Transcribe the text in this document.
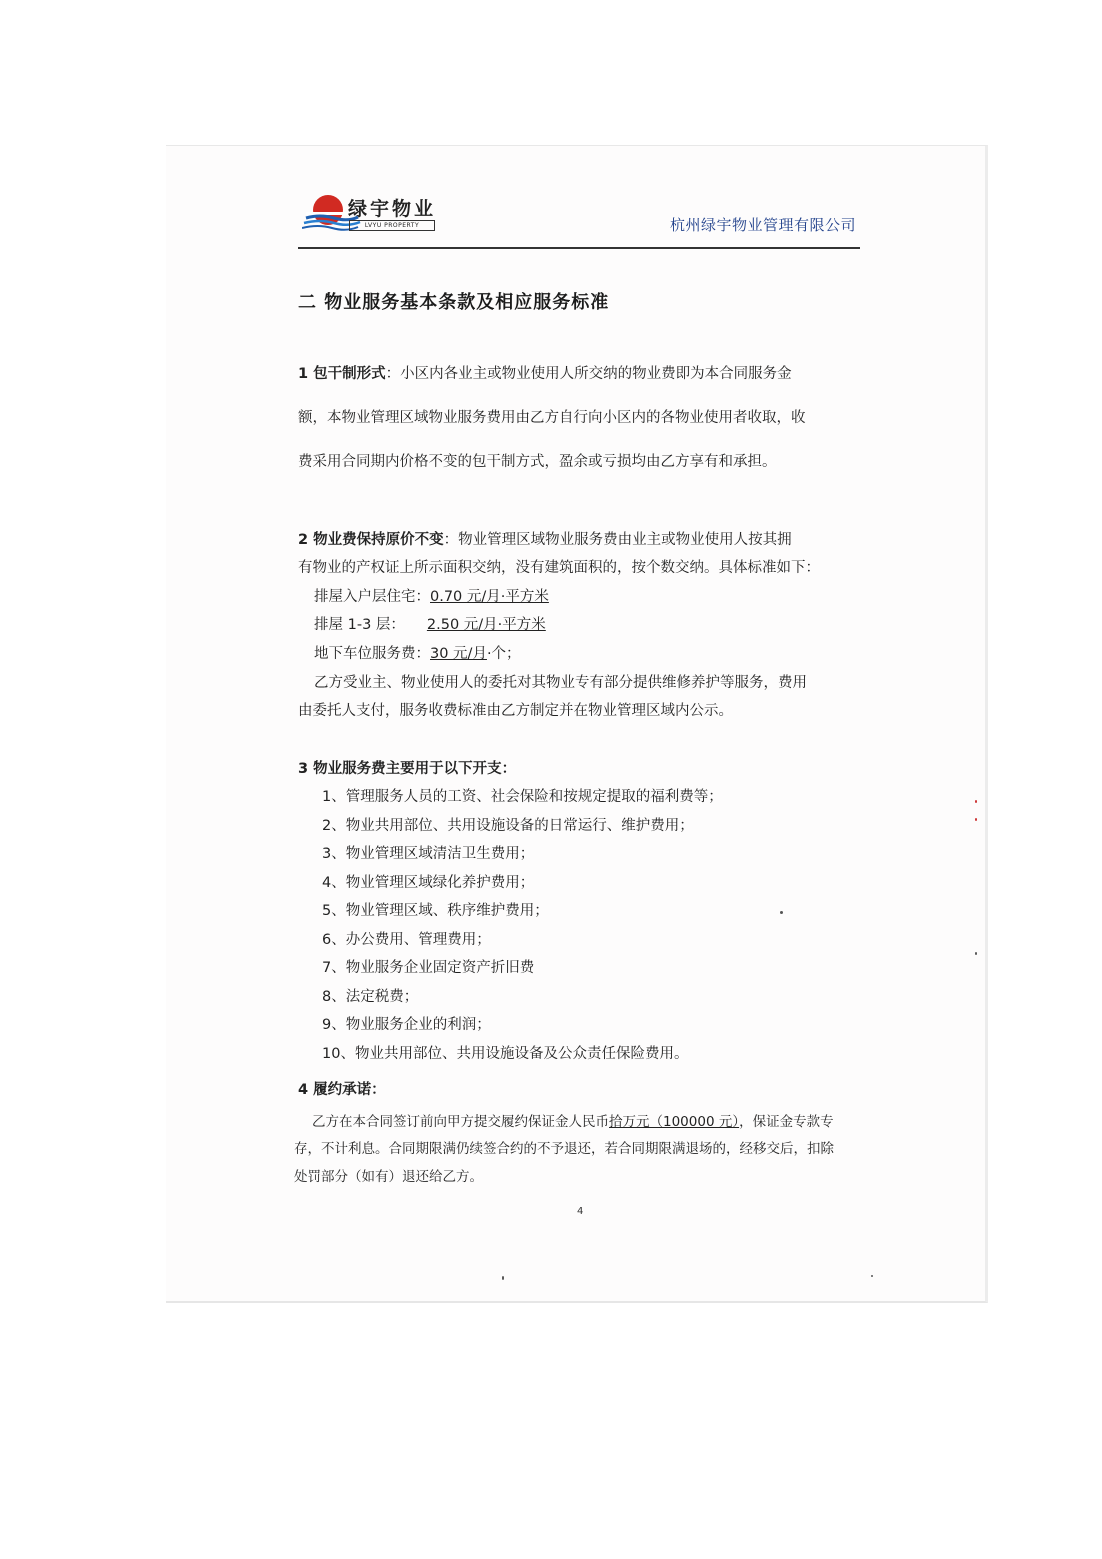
绿宇物业
LVYU PROPERTY	杭州绿宇物业管理有限公司
二 物业服务基本条款及相应服务标准
1 包干制形式：小区内各业主或物业使用人所交纳的物业费即为本合同服务金
额，本物业管理区域物业服务费用由乙方自行向小区内的各物业使用者收取，收
费采用合同期内价格不变的包干制方式，盈余或亏损均由乙方享有和承担。
2 物业费保持原价不变：物业管理区域物业服务费由业主或物业使用人按其拥
有物业的产权证上所示面积交纳，没有建筑面积的，按个数交纳。具体标准如下：
排屋入户层住宅：0.70 元/月·平方米
排屋 1-3 层： 2.50 元/月·平方米
地下车位服务费：30 元/月·个；
乙方受业主、物业使用人的委托对其物业专有部分提供维修养护等服务，费用
由委托人支付，服务收费标准由乙方制定并在物业管理区域内公示。
3 物业服务费主要用于以下开支：
1、管理服务人员的工资、社会保险和按规定提取的福利费等；
2、物业共用部位、共用设施设备的日常运行、维护费用；
3、物业管理区域清洁卫生费用；
4、物业管理区域绿化养护费用；
5、物业管理区域、秩序维护费用；
6、办公费用、管理费用；
7、物业服务企业固定资产折旧费
8、法定税费；
9、物业服务企业的利润；
10、物业共用部位、共用设施设备及公众责任保险费用。
4 履约承诺：
乙方在本合同签订前向甲方提交履约保证金人民币拾万元（100000 元），保证金专款专
存，不计利息。合同期限满仍续签合约的不予退还，若合同期限满退场的，经移交后，扣除
处罚部分（如有）退还给乙方。
4
